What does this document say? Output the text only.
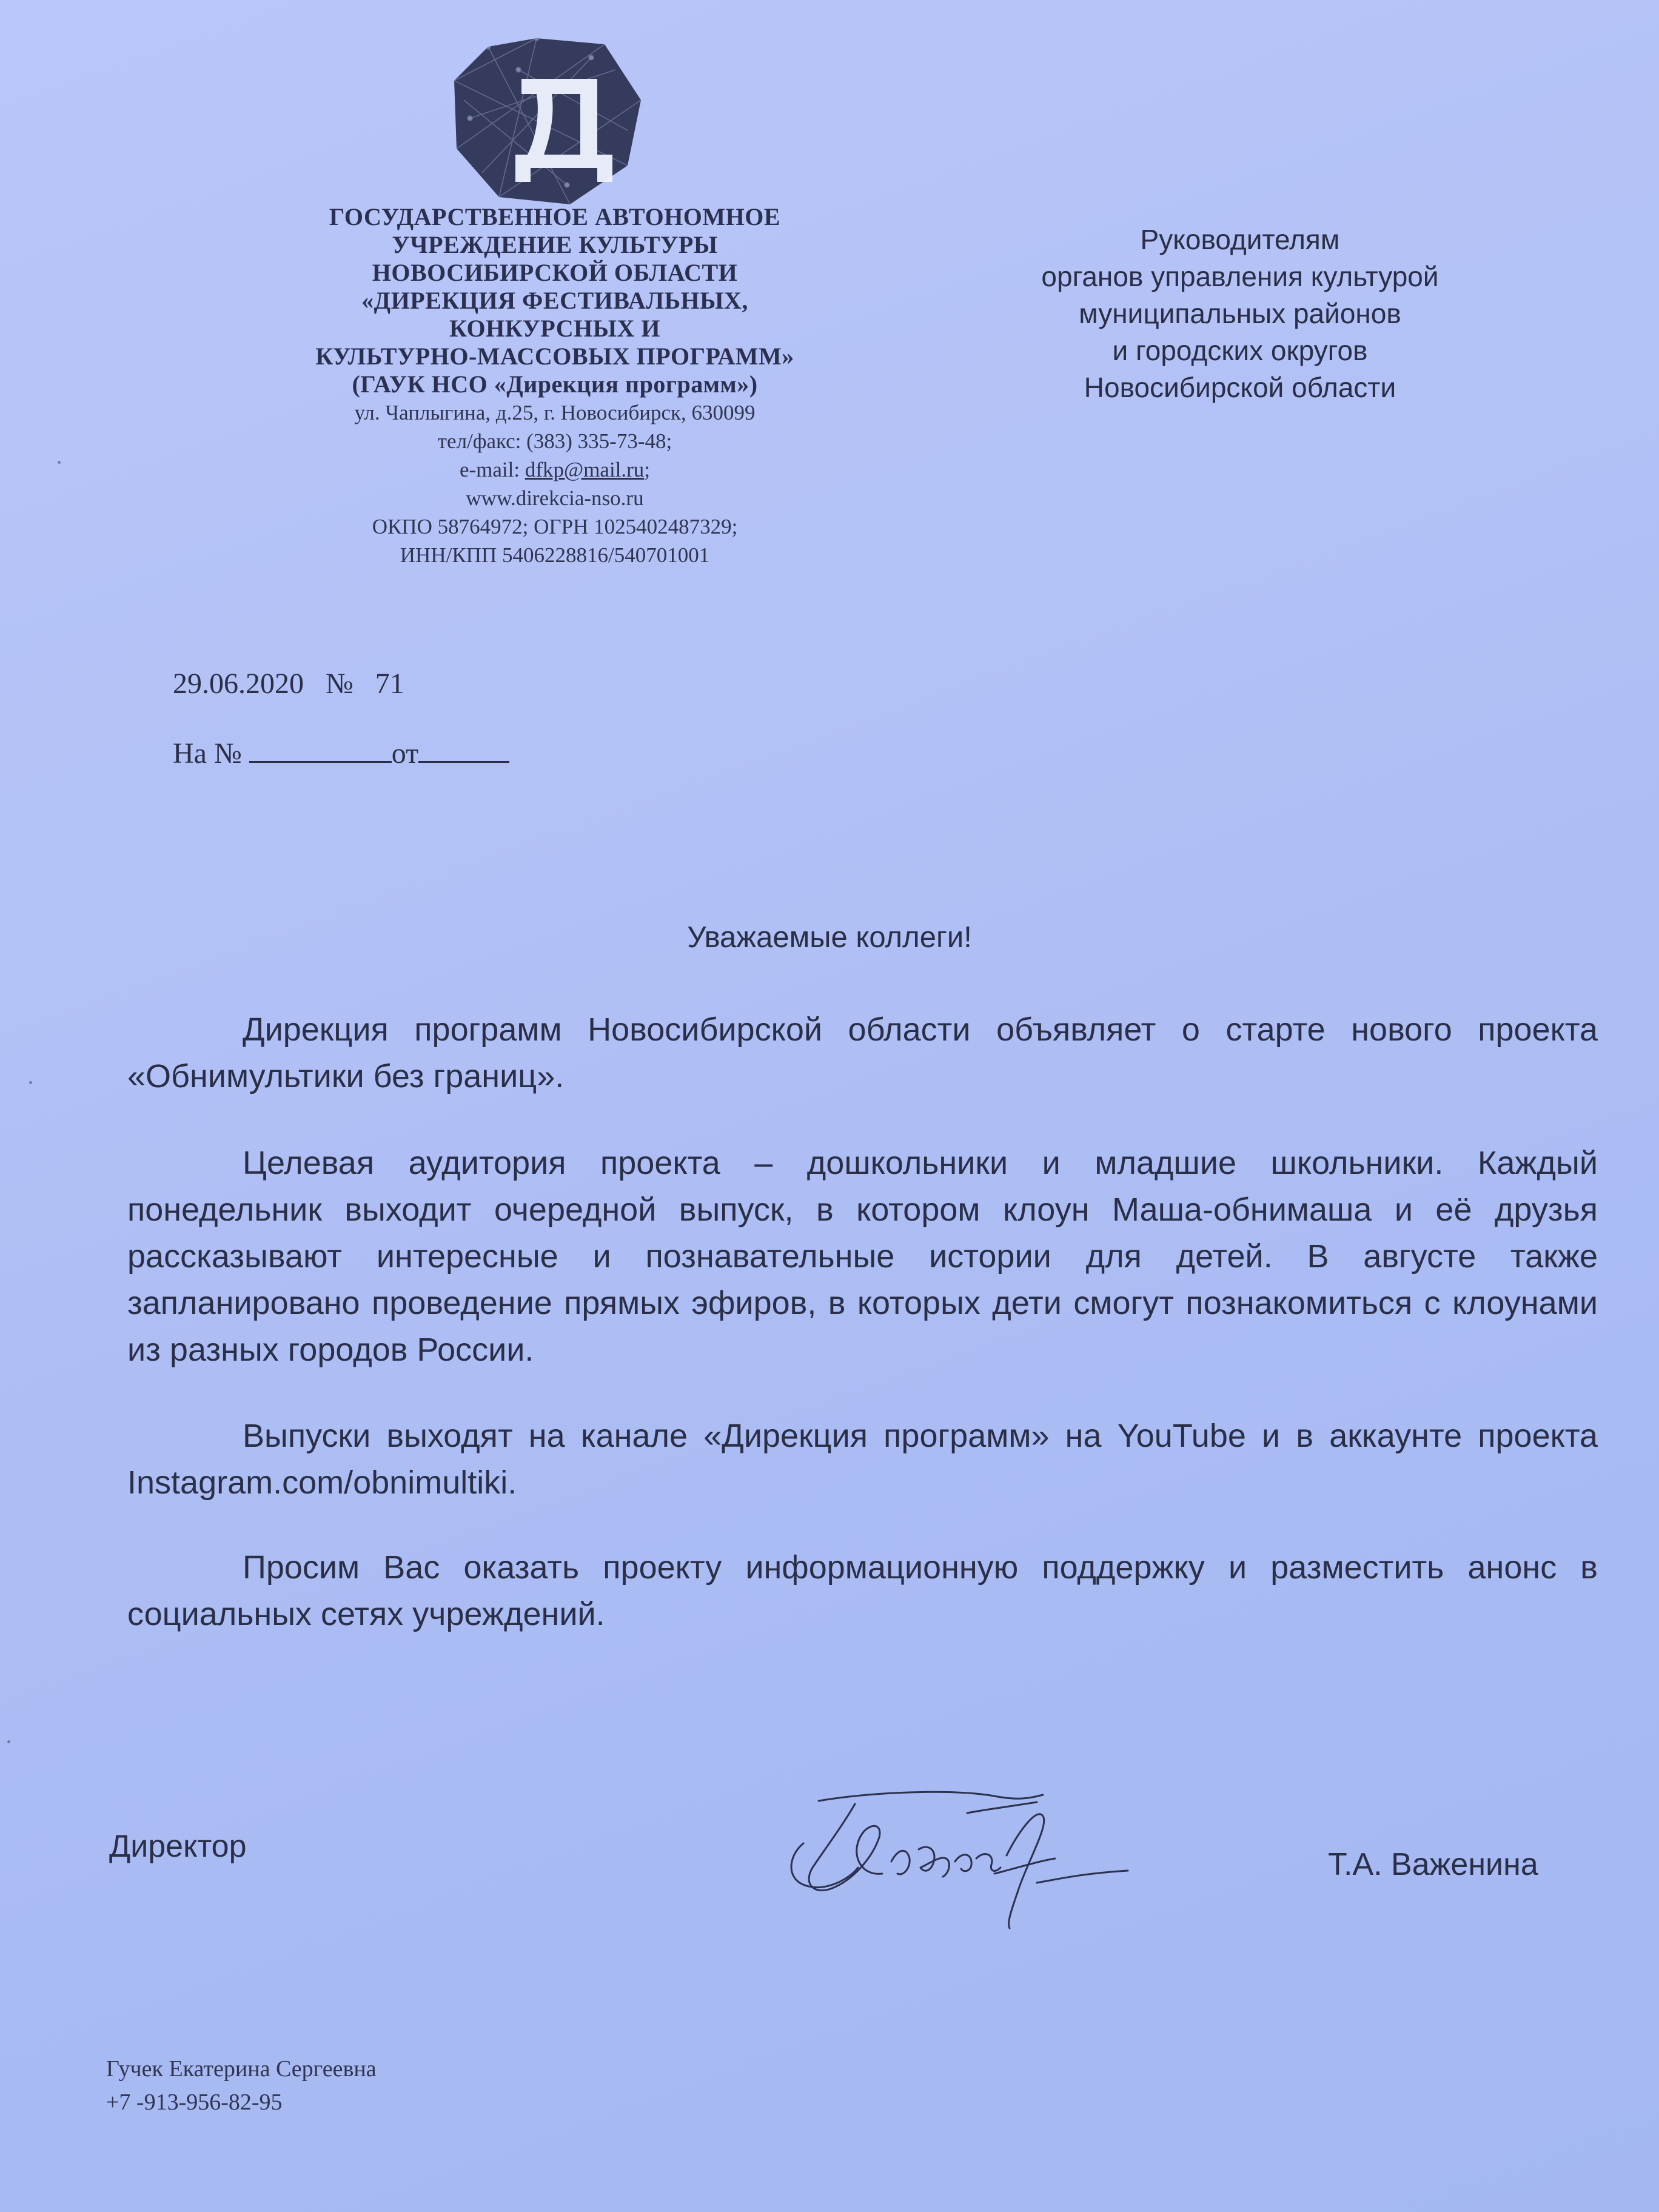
ГОСУДАРСТВЕННОЕ АВТОНОМНОЕ
УЧРЕЖДЕНИЕ КУЛЬТУРЫ
НОВОСИБИРСКОЙ ОБЛАСТИ
«ДИРЕКЦИЯ ФЕСТИВАЛЬНЫХ,
КОНКУРСНЫХ И
КУЛЬТУРНО-МАССОВЫХ ПРОГРАММ»
(ГАУК НСО «Дирекция программ»)
ул. Чаплыгина, д.25, г. Новосибирск, 630099
тел/факс: (383) 335-73-48;
e-mail: dfkp@mail.ru;
www.direkcia-nso.ru
ОКПО 58764972; ОГРН 1025402487329;
ИНН/КПП 5406228816/540701001
Руководителям
органов управления культурой
муниципальных районов
и городских округов
Новосибирской области
29.06.2020 № 71
На №	от
Уважаемые коллеги!
Дирекция программ Новосибирской области объявляет о старте нового проекта «Обнимультики без границ».
Целевая аудитория проекта – дошкольники и младшие школьники. Каждый понедельник выходит очередной выпуск, в котором клоун Маша-обнимаша и её друзья рассказывают интересные и познавательные истории для детей. В августе также запланировано проведение прямых эфиров, в которых дети смогут познакомиться с клоунами из разных городов России.
Выпуски выходят на канале «Дирекция программ» на YouTube и в аккаунте проекта Instagram.com/obnimultiki.
Просим Вас оказать проекту информационную поддержку и разместить анонс в социальных сетях учреждений.
Директор
Т.А. Важенина
Гучек Екатерина Сергеевна
+7 -913-956-82-95
